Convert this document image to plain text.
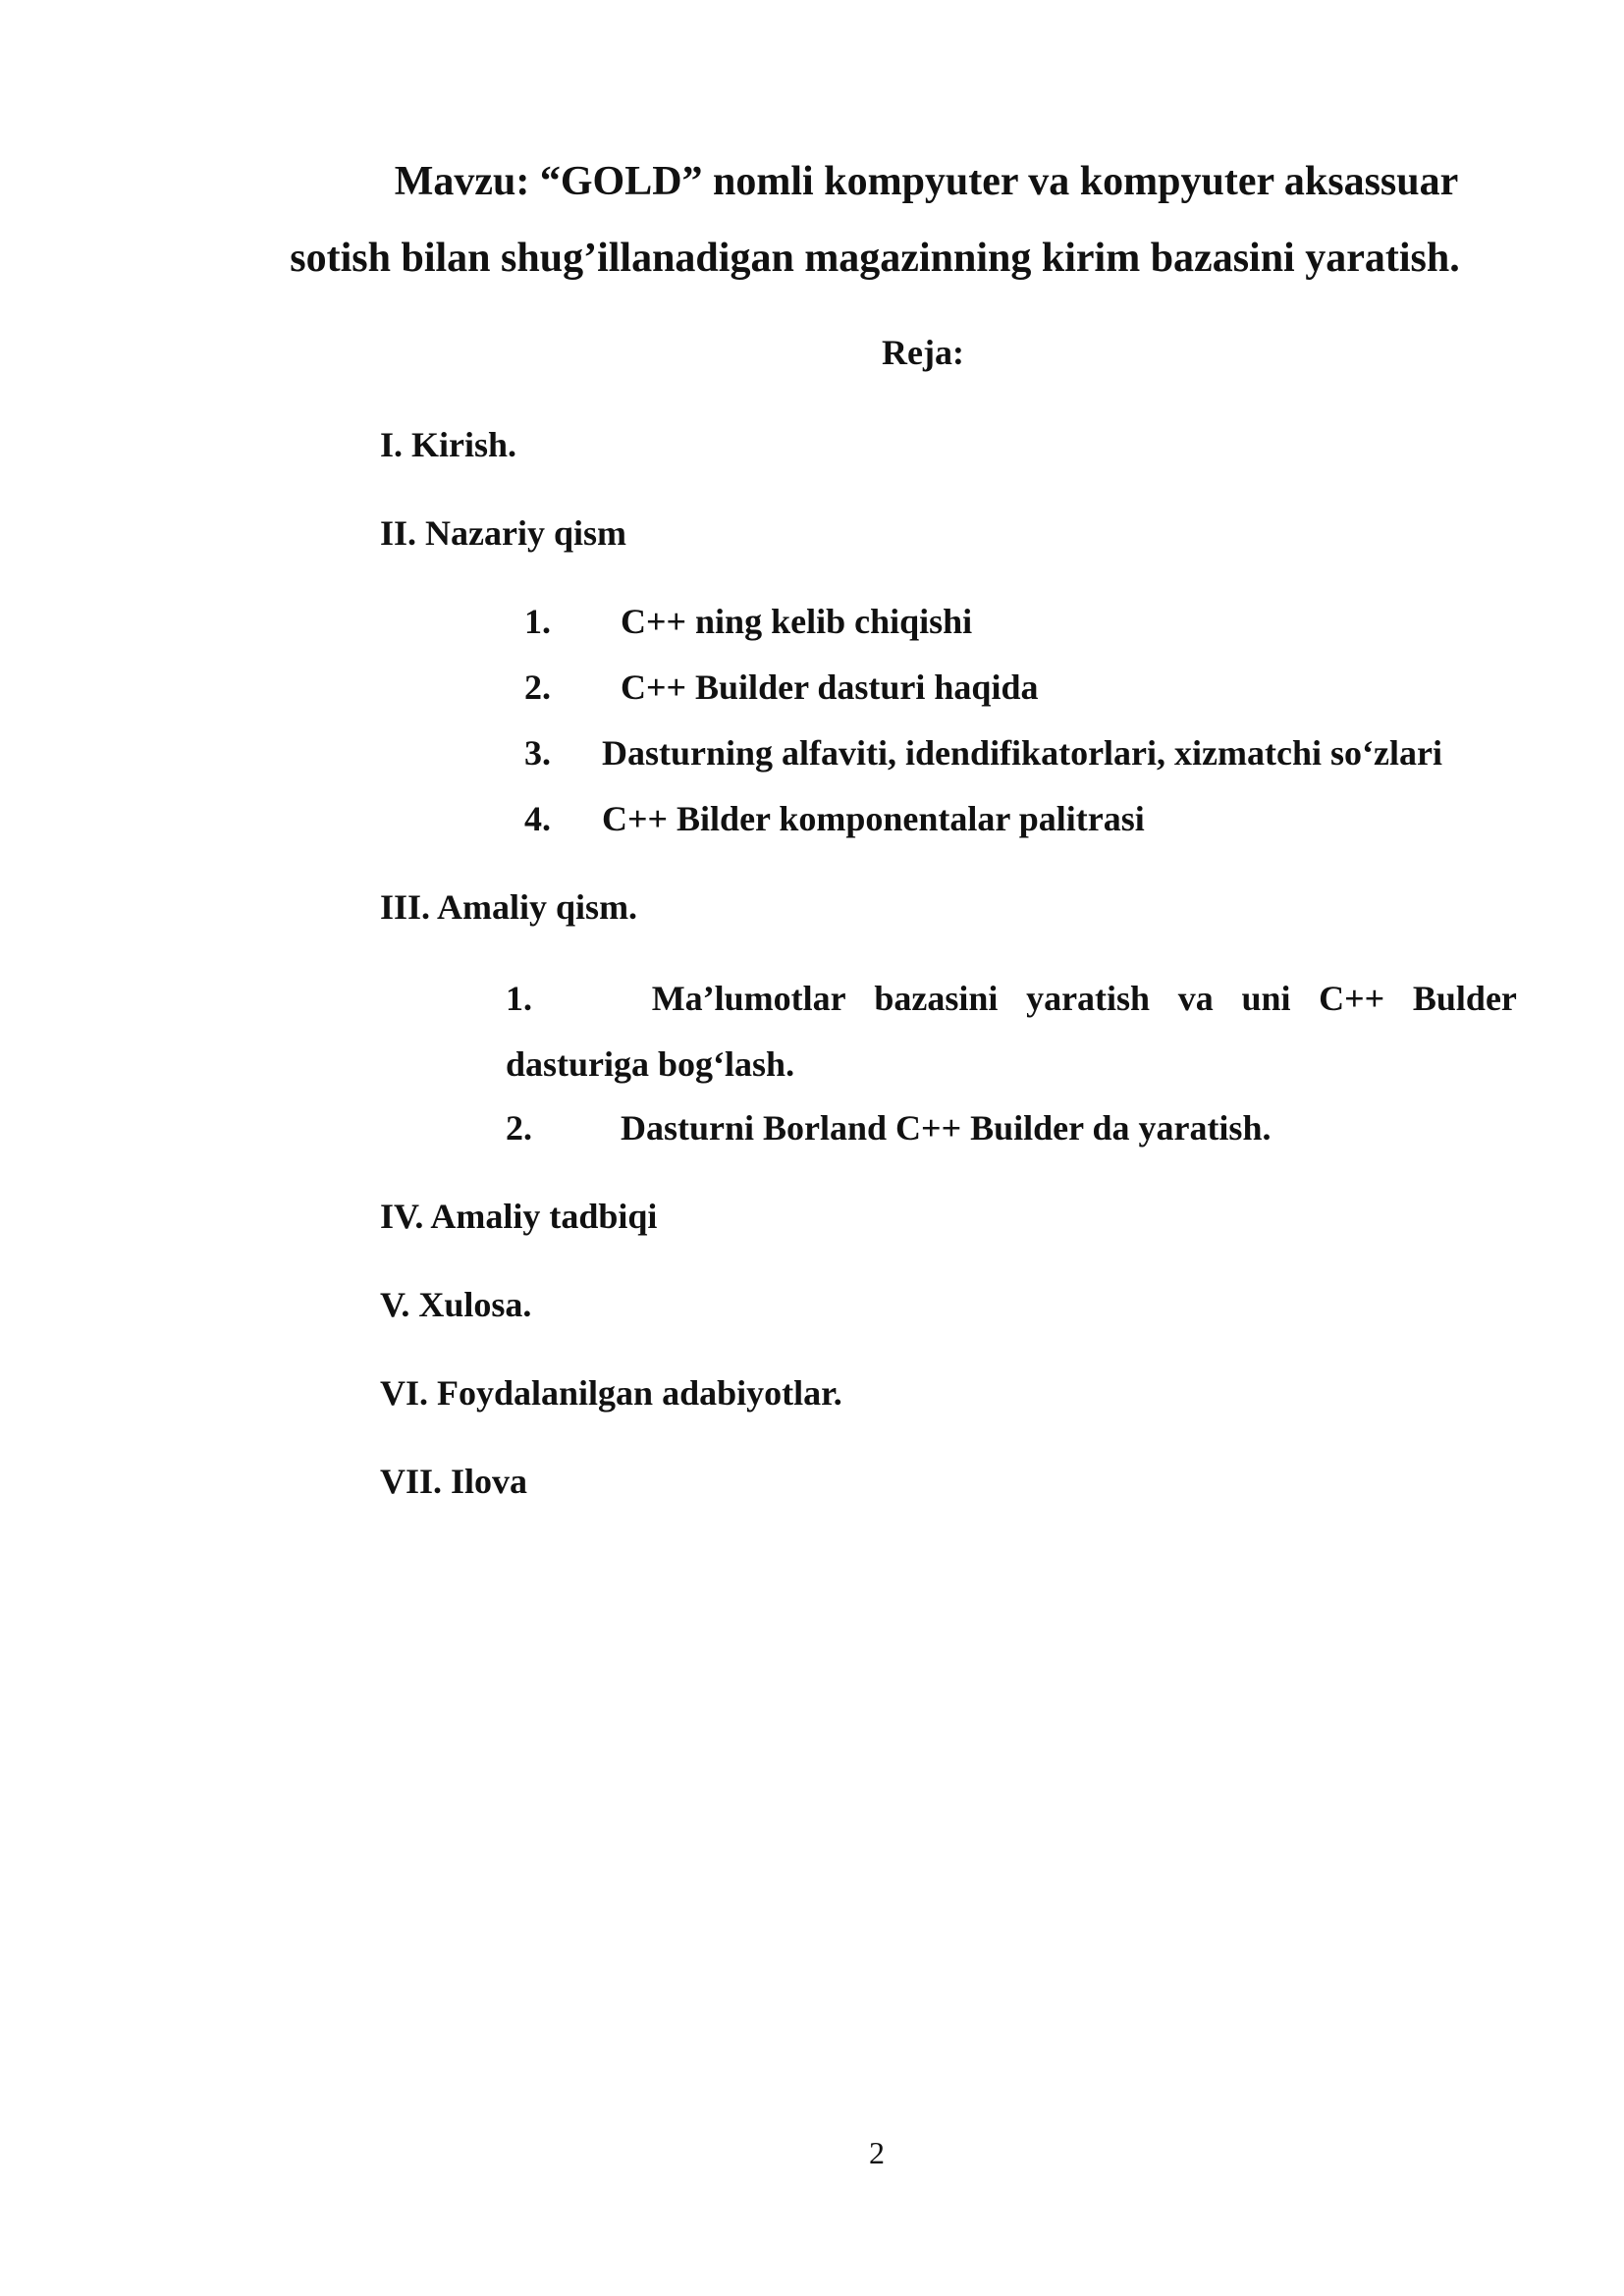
Mavzu: “GOLD” nomli kompyuter va kompyuter aksassuar
sotish bilan shug’illanadigan magazinning kirim bazasini yaratish.
Reja:
I. Kirish.
II. Nazariy qism
1. C++ ning kelib chiqishi
2. C++ Builder dasturi haqida
3. Dasturning alfaviti, idendifikatorlari, xizmatchi so‘zlari
4. C++ Bilder komponentalar palitrasi
III. Amaliy qism.
1.	Ma’lumotlar bazasini yaratish va uni C++ Bulder
dasturiga bog‘lash.
2.	Dasturni Borland C++ Builder da yaratish.
IV. Amaliy tadbiqi
V. Xulosa.
VI. Foydalanilgan adabiyotlar.
VII. Ilova
2
